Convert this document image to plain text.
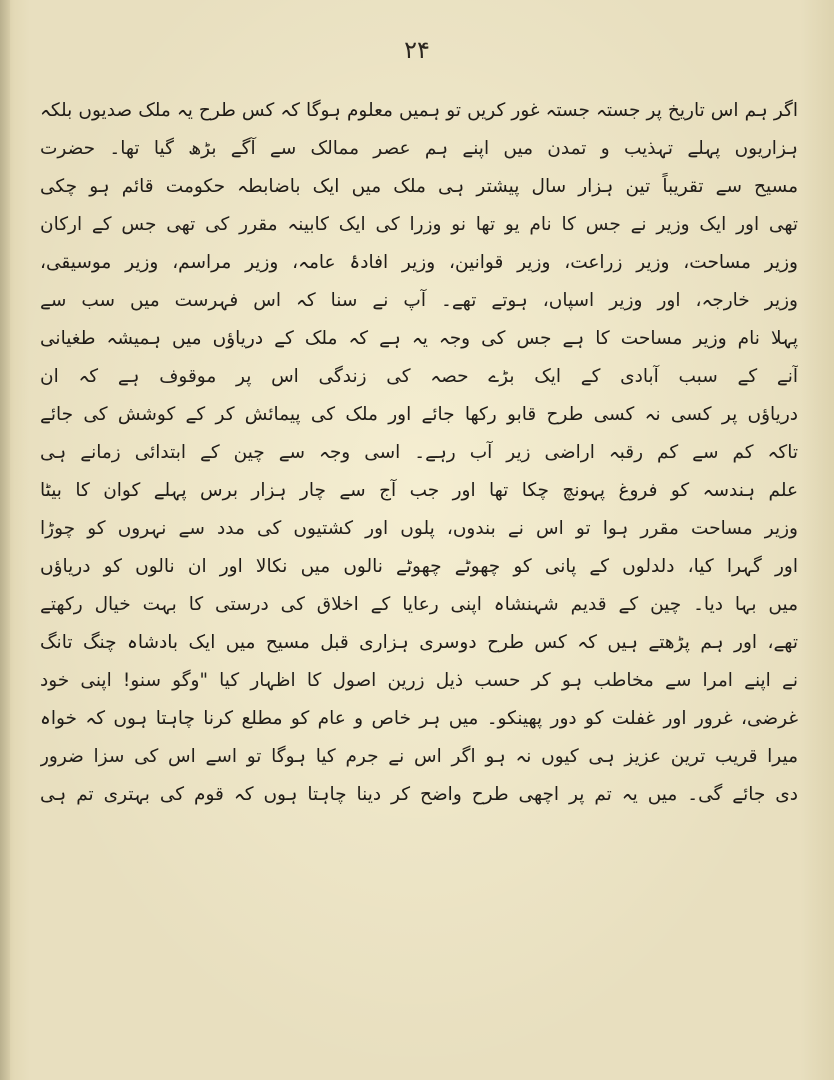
۲۴
اگر ہم اس تاریخ پر جستہ جستہ غور کریں تو ہمیں معلوم ہوگا کہ کس طرح یہ ملک صدیوں بلکہ
ہزاریوں پہلے تہذیب و تمدن میں اپنے ہم عصر ممالک سے آگے بڑھ گیا تھا۔ حضرت
مسیح سے تقریباً تین ہزار سال پیشتر ہی ملک میں ایک باضابطہ حکومت قائم ہو چکی
تھی اور ایک وزیر نے جس کا نام یو تھا نو وزرا کی ایک کابینہ مقرر کی تھی جس کے ارکان
وزیر مساحت، وزیر زراعت، وزیر قوانین، وزیر افادۂ عامہ، وزیر مراسم، وزیر موسیقی،
وزیر خارجہ، اور وزیر اسپاں، ہوتے تھے۔ آپ نے سنا کہ اس فہرست میں سب سے
پہلا نام وزیر مساحت کا ہے جس کی وجہ یہ ہے کہ ملک کے دریاؤں میں ہمیشہ طغیانی
آنے کے سبب آبادی کے ایک بڑے حصہ کی زندگی اس پر موقوف ہے کہ ان
دریاؤں پر کسی نہ کسی طرح قابو رکھا جائے اور ملک کی پیمائش کر کے کوشش کی جائے
تاکہ کم سے کم رقبہ اراضی زیر آب رہے۔ اسی وجہ سے چین کے ابتدائی زمانے ہی
علم ہندسہ کو فروغ پہونچ چکا تھا اور جب آج سے چار ہزار برس پہلے کوان کا بیٹا
وزیر مساحت مقرر ہوا تو اس نے بندوں، پلوں اور کشتیوں کی مدد سے نہروں کو چوڑا
اور گہرا کیا، دلدلوں کے پانی کو چھوٹے چھوٹے نالوں میں نکالا اور ان نالوں کو دریاؤں
میں بہا دیا۔ چین کے قدیم شہنشاہ اپنی رعایا کے اخلاق کی درستی کا بہت خیال رکھتے
تھے، اور ہم پڑھتے ہیں کہ کس طرح دوسری ہزاری قبل مسیح میں ایک بادشاہ چنگ تانگ
نے اپنے امرا سے مخاطب ہو کر حسب ذیل زرین اصول کا اظہار کیا "وگو سنو! اپنی خود
غرضی، غرور اور غفلت کو دور پھینکو۔ میں ہر خاص و عام کو مطلع کرنا چاہتا ہوں کہ خواہ
میرا قریب ترین عزیز ہی کیوں نہ ہو اگر اس نے جرم کیا ہوگا تو اسے اس کی سزا ضرور
دی جائے گی۔ میں یہ تم پر اچھی طرح واضح کر دینا چاہتا ہوں کہ قوم کی بہتری تم ہی
